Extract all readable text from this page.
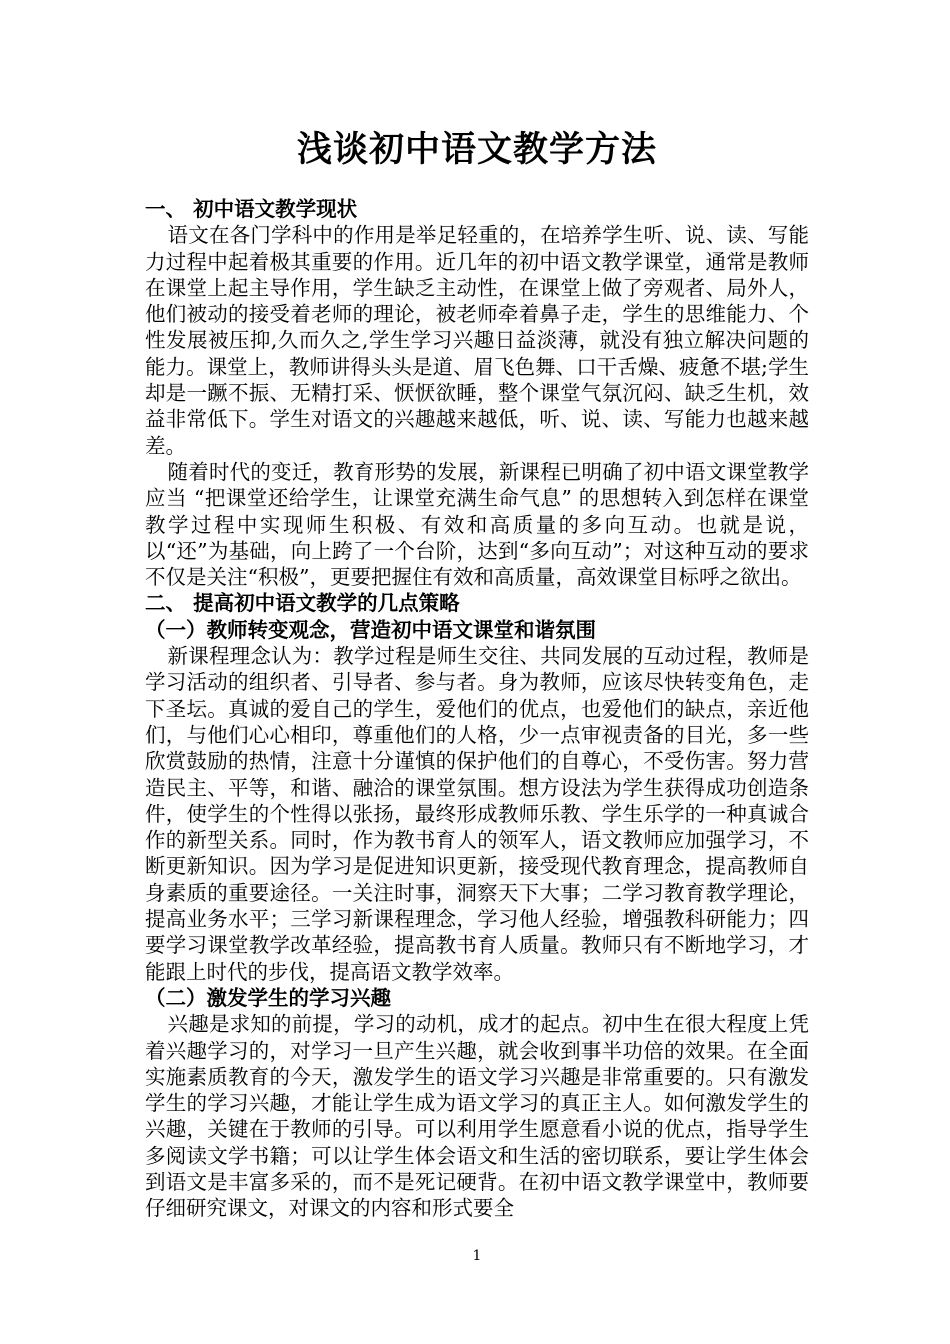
浅谈初中语文教学方法

一、 初中语文教学现状

语文在各门学科中的作用是举足轻重的，在培养学生听、说、读、写能力过程中起着极其重要的作用。近几年的初中语文教学课堂，通常是教师在课堂上起主导作用，学生缺乏主动性，在课堂上做了旁观者、局外人，他们被动的接受着老师的理论，被老师牵着鼻子走，学生的思维能力、个性发展被压抑,久而久之,学生学习兴趣日益淡薄，就没有独立解决问题的能力。课堂上，教师讲得头头是道、眉飞色舞、口干舌燥、疲惫不堪;学生却是一蹶不振、无精打采、恹恹欲睡，整个课堂气氛沉闷、缺乏生机，效益非常低下。学生对语文的兴趣越来越低，听、说、读、写能力也越来越差。

随着时代的变迁，教育形势的发展，新课程已明确了初中语文课堂教学应当 “把课堂还给学生，让课堂充满生命气息” 的思想转入到怎样在课堂教学过程中实现师生积极、有效和高质量的多向互动。也就是说，以“还”为基础，向上跨了一个台阶，达到“多向互动”；对这种互动的要求不仅是关注“积极”，更要把握住有效和高质量，高效课堂目标呼之欲出。

二、 提高初中语文教学的几点策略

（一）教师转变观念，营造初中语文课堂和谐氛围

新课程理念认为：教学过程是师生交往、共同发展的互动过程，教师是学习活动的组织者、引导者、参与者。身为教师，应该尽快转变角色，走下圣坛。真诚的爱自己的学生，爱他们的优点，也爱他们的缺点，亲近他们，与他们心心相印，尊重他们的人格，少一点审视责备的目光，多一些欣赏鼓励的热情，注意十分谨慎的保护他们的自尊心，不受伤害。努力营造民主、平等，和谐、融洽的课堂氛围。想方设法为学生获得成功创造条件，使学生的个性得以张扬，最终形成教师乐教、学生乐学的一种真诚合作的新型关系。同时，作为教书育人的领军人，语文教师应加强学习，不断更新知识。因为学习是促进知识更新，接受现代教育理念，提高教师自身素质的重要途径。一关注时事，洞察天下大事；二学习教育教学理论，提高业务水平；三学习新课程理念，学习他人经验，增强教科研能力；四要学习课堂教学改革经验，提高教书育人质量。教师只有不断地学习，才能跟上时代的步伐，提高语文教学效率。

（二）激发学生的学习兴趣

兴趣是求知的前提，学习的动机，成才的起点。初中生在很大程度上凭着兴趣学习的，对学习一旦产生兴趣，就会收到事半功倍的效果。在全面实施素质教育的今天，激发学生的语文学习兴趣是非常重要的。只有激发学生的学习兴趣，才能让学生成为语文学习的真正主人。如何激发学生的兴趣，关键在于教师的引导。可以利用学生愿意看小说的优点，指导学生多阅读文学书籍；可以让学生体会语文和生活的密切联系，要让学生体会到语文是丰富多采的，而不是死记硬背。在初中语文教学课堂中，教师要仔细研究课文，对课文的内容和形式要全

1
